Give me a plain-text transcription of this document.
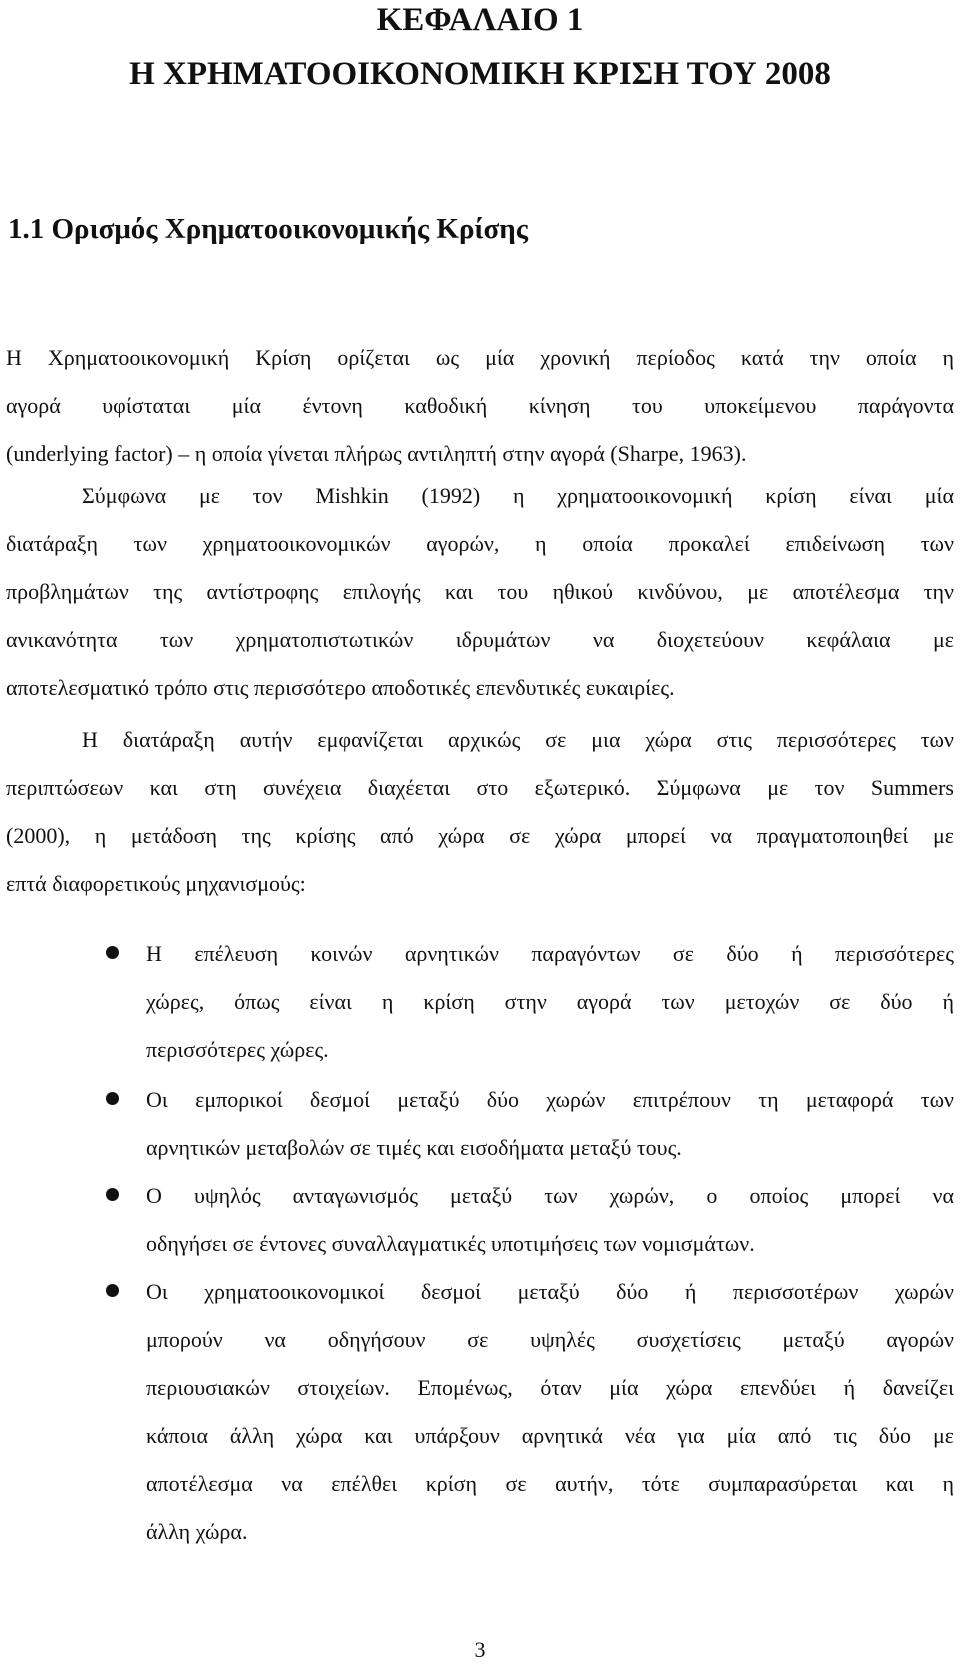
ΚΕΦΑΛΑΙΟ 1
Η ΧΡΗΜΑΤΟΟΙΚΟΝΟΜΙΚΗ ΚΡΙΣΗ ΤΟΥ 2008
1.1 Ορισμός Χρηματοοικονομικής Κρίσης
Η Χρηματοοικονομική Κρίση ορίζεται ως μία χρονική περίοδος κατά την οποία η
αγορά υφίσταται μία έντονη καθοδική κίνηση του υποκείμενου παράγοντα
(underlying factor) – η οποία γίνεται πλήρως αντιληπτή στην αγορά (Sharpe, 1963).
Σύμφωνα με τον Mishkin (1992) η χρηματοοικονομική κρίση είναι μία
διατάραξη των χρηματοοικονομικών αγορών, η οποία προκαλεί επιδείνωση των
προβλημάτων της αντίστροφης επιλογής και του ηθικού κινδύνου, με αποτέλεσμα την
ανικανότητα των χρηματοπιστωτικών ιδρυμάτων να διοχετεύουν κεφάλαια με
αποτελεσματικό τρόπο στις περισσότερο αποδοτικές επενδυτικές ευκαιρίες.
Η διατάραξη αυτήν εμφανίζεται αρχικώς σε μια χώρα στις περισσότερες των
περιπτώσεων και στη συνέχεια διαχέεται στο εξωτερικό. Σύμφωνα με τον Summers
(2000), η μετάδοση της κρίσης από χώρα σε χώρα μπορεί να πραγματοποιηθεί με
επτά διαφορετικούς μηχανισμούς:
Η επέλευση κοινών αρνητικών παραγόντων σε δύο ή περισσότερες
χώρες, όπως είναι η κρίση στην αγορά των μετοχών σε δύο ή
περισσότερες χώρες.
Οι εμπορικοί δεσμοί μεταξύ δύο χωρών επιτρέπουν τη μεταφορά των
αρνητικών μεταβολών σε τιμές και εισοδήματα μεταξύ τους.
Ο υψηλός ανταγωνισμός μεταξύ των χωρών, ο οποίος μπορεί να
οδηγήσει σε έντονες συναλλαγματικές υποτιμήσεις των νομισμάτων.
Οι χρηματοοικονομικοί δεσμοί μεταξύ δύο ή περισσοτέρων χωρών
μπορούν να οδηγήσουν σε υψηλές συσχετίσεις μεταξύ αγορών
περιουσιακών στοιχείων. Επομένως, όταν μία χώρα επενδύει ή δανείζει
κάποια άλλη χώρα και υπάρξουν αρνητικά νέα για μία από τις δύο με
αποτέλεσμα να επέλθει κρίση σε αυτήν, τότε συμπαρασύρεται και η
άλλη χώρα.
3
